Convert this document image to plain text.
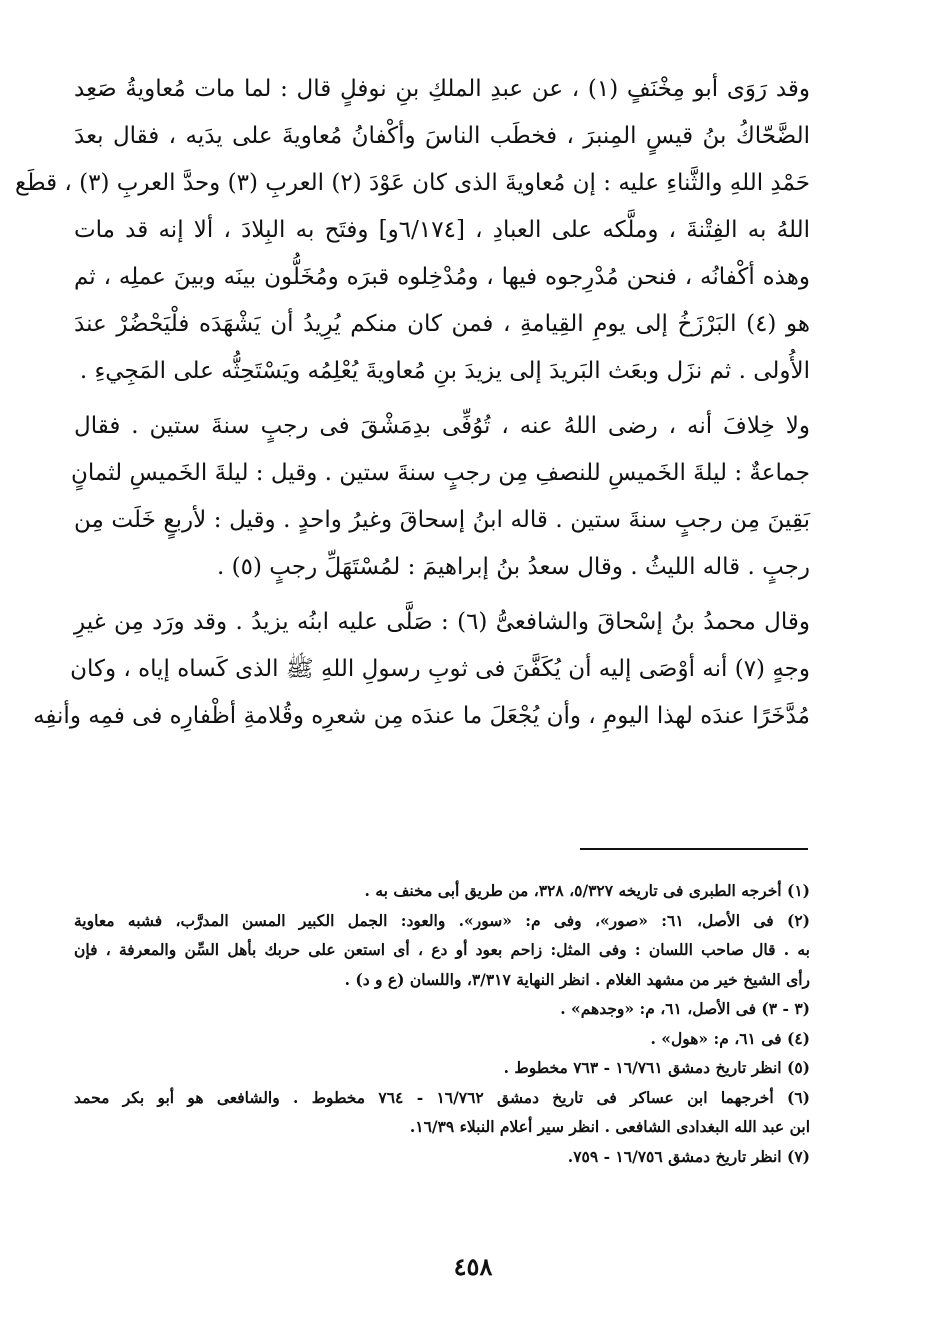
وقد رَوَى أبو مِخْنَفٍ (١) ، عن عبدِ الملكِ بنِ نوفلٍ قال : لما مات مُعاويةُ صَعِد
الضَّحّاكُ بنُ قيسٍ المِنبرَ ، فخطَب الناسَ وأكْفانُ مُعاويةَ على يدَيه ، فقال بعدَ
حَمْدِ اللهِ والثَّناءِ عليه : إن مُعاويةَ الذى كان عَوْدَ (٢) العربِ (٣) وحدَّ العربِ (٣) ، قطَع
اللهُ به الفِتْنةَ ، وملَّكه على العبادِ ، [٦/١٧٤و] وفتَح به البِلادَ ، ألا إنه قد مات
وهذه أكْفانُه ، فنحن مُدْرِجوه فيها ، ومُدْخِلوه قبرَه ومُخَلُّون بينَه وبينَ عملِه ، ثم
هو (٤) البَرْزَخُ إلى يومِ القِيامةِ ، فمن كان منكم يُرِيدُ أن يَشْهَدَه فلْيَحْضُرْ عندَ
الأُولى . ثم نزَل وبعَث البَريدَ إلى يزيدَ بنِ مُعاويةَ يُعْلِمُه ويَسْتَحِثُّه على المَجِيءِ .

ولا خِلافَ أنه ، رضى اللهُ عنه ، تُوُفِّى بدِمَشْقَ فى رجبٍ سنةَ ستين . فقال
جماعةٌ : ليلةَ الخَميسِ للنصفِ مِن رجبٍ سنةَ ستين . وقيل : ليلةَ الخَميسِ لثمانٍ
بَقِينَ مِن رجبٍ سنةَ ستين . قاله ابنُ إسحاقَ وغيرُ واحدٍ . وقيل : لأربعٍ خَلَت مِن
رجبٍ . قاله الليثُ . وقال سعدُ بنُ إبراهيمَ : لمُسْتَهَلِّ رجبٍ (٥) .

وقال محمدُ بنُ إسْحاقَ والشافعىُّ (٦) : صَلَّى عليه ابنُه يزيدُ . وقد ورَد مِن غيرِ
وجهٍ (٧) أنه أوْصَى إليه أن يُكَفَّنَ فى ثوبِ رسولِ اللهِ ﷺ الذى كَساه إياه ، وكان
مُدَّخَرًا عندَه لهذا اليومِ ، وأن يُجْعَلَ ما عندَه مِن شعرِه وقُلامةِ أظْفارِه فى فمِه وأنفِه

(١) أخرجه الطبرى فى تاريخه ٥/٣٢٧، ٣٢٨، من طريق أبى مخنف به .
(٢) فى الأصل، ٦١: «صور»، وفى م: «سور». والعود: الجمل الكبير المسن المدرَّب، فشبه معاوية
به . قال صاحب اللسان : وفى المثل: زاحم بعود أو دع ، أى استعن على حربك بأهل السِّن والمعرفة ، فإن
رأى الشيخ خير من مشهد الغلام . انظر النهاية ٣/٣١٧، واللسان (ع و د) .
(٣ - ٣) فى الأصل، ٦١، م: «وجدهم» .
(٤) فى ٦١، م: «هول» .
(٥) انظر تاريخ دمشق ١٦/٧٦١ - ٧٦٣ مخطوط .
(٦) أخرجهما ابن عساكر فى تاريخ دمشق ١٦/٧٦٢ - ٧٦٤ مخطوط . والشافعى هو أبو بكر محمد
ابن عبد الله البغدادى الشافعى . انظر سير أعلام النبلاء ١٦/٣٩.
(٧) انظر تاريخ دمشق ١٦/٧٥٦ - ٧٥٩.
٤٥٨
